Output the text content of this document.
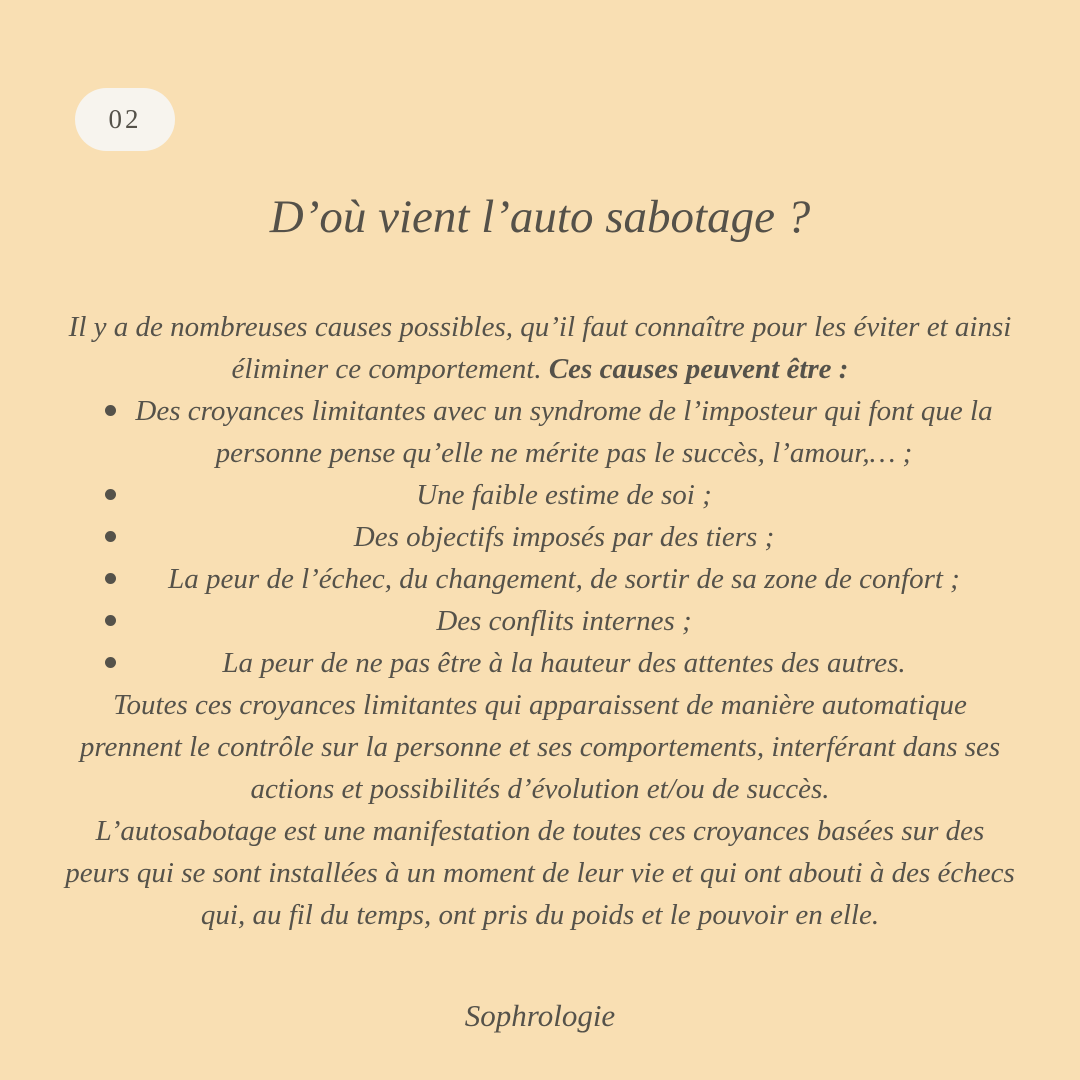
02
D’où vient l’auto sabotage ?

Il y a de nombreuses causes possibles, qu’il faut connaître pour les éviter et ainsi éliminer ce comportement. Ces causes peuvent être :

Des croyances limitantes avec un syndrome de l’imposteur qui font que la personne pense qu’elle ne mérite pas le succès, l’amour,… ;
Une faible estime de soi ;
Des objectifs imposés par des tiers ;
La peur de l’échec, du changement, de sortir de sa zone de confort ;
Des conflits internes ;
La peur de ne pas être à la hauteur des attentes des autres.

Toutes ces croyances limitantes qui apparaissent de manière automatique prennent le contrôle sur la personne et ses comportements, interférant dans ses actions et possibilités d’évolution et/ou de succès.

L’autosabotage est une manifestation de toutes ces croyances basées sur des peurs qui se sont installées à un moment de leur vie et qui ont abouti à des échecs qui, au fil du temps, ont pris du poids et le pouvoir en elle.

Sophrologie
